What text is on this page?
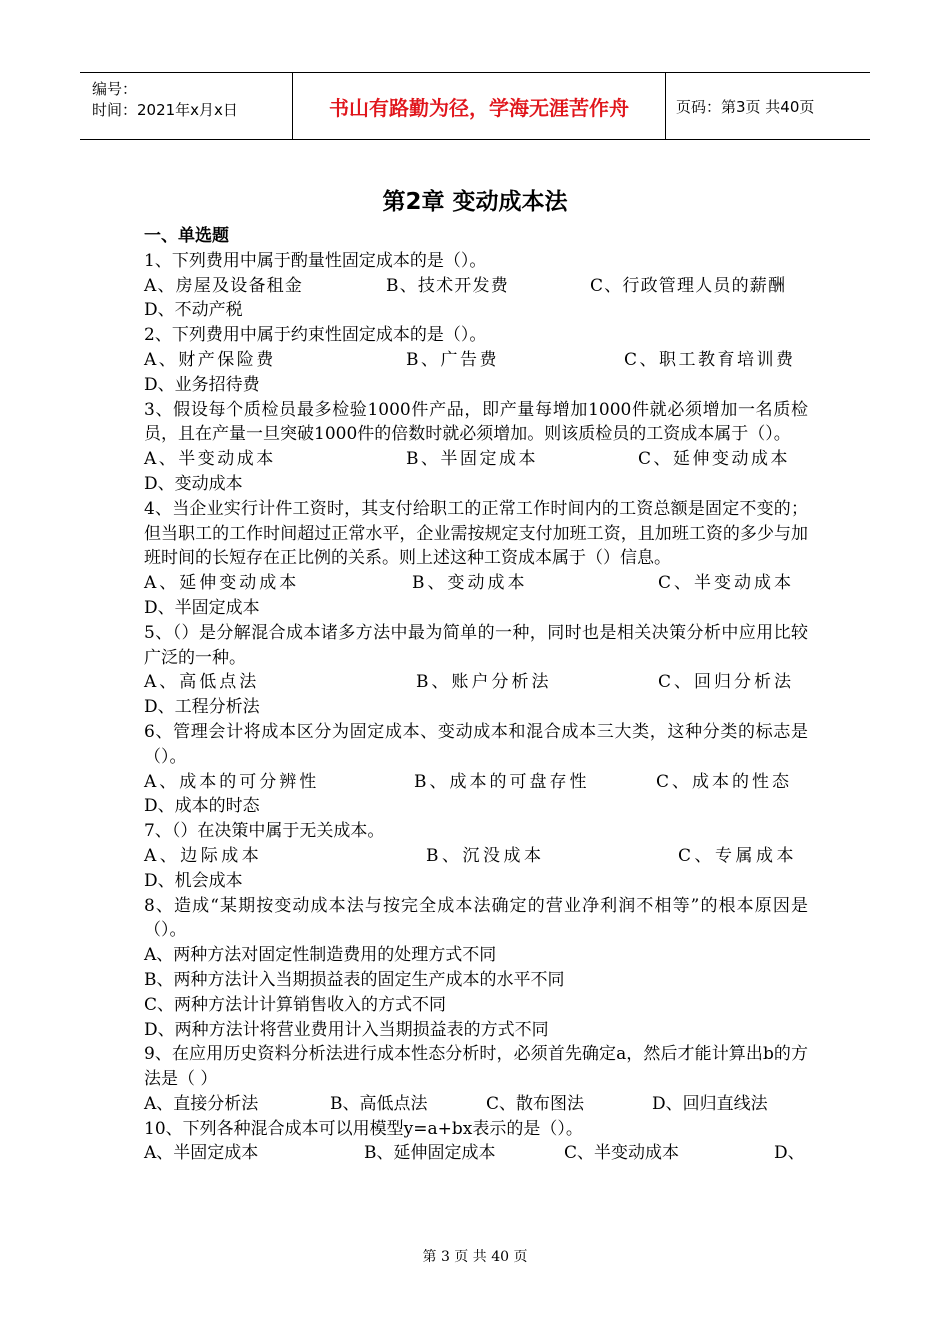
编号：
时间：2021年x月x日	书山有路勤为径，学海无涯苦作舟	页码：第3页 共40页
第2章 变动成本法

一、单选题

1、下列费用中属于酌量性固定成本的是（）。

A、房屋及设备租金	B、技术开发费	C、行政管理人员的薪酬

D、不动产税

2、下列费用中属于约束性固定成本的是（）。

A、财产保险费	B、广告费	C、职工教育培训费

D、业务招待费

3、假设每个质检员最多检验1000件产品，即产量每增加1000件就必须增加一名质检员，且在产量一旦突破1000件的倍数时就必须增加。则该质检员的工资成本属于（）。

A、半变动成本	B、半固定成本	C、延伸变动成本

D、变动成本

4、当企业实行计件工资时，其支付给职工的正常工作时间内的工资总额是固定不变的；但当职工的工作时间超过正常水平，企业需按规定支付加班工资，且加班工资的多少与加班时间的长短存在正比例的关系。则上述这种工资成本属于（）信息。

A、延伸变动成本	B、变动成本	C、半变动成本

D、半固定成本

5、（）是分解混合成本诸多方法中最为简单的一种，同时也是相关决策分析中应用比较广泛的一种。

A、高低点法	B、账户分析法	C、回归分析法

D、工程分析法

6、管理会计将成本区分为固定成本、变动成本和混合成本三大类，这种分类的标志是（）。

A、成本的可分辨性	B、成本的可盘存性	C、成本的性态

D、成本的时态

7、（）在决策中属于无关成本。

A、边际成本	B、沉没成本	C、专属成本

D、机会成本

8、造成“某期按变动成本法与按完全成本法确定的营业净利润不相等”的根本原因是（）。

A、两种方法对固定性制造费用的处理方式不同

B、两种方法计入当期损益表的固定生产成本的水平不同

C、两种方法计计算销售收入的方式不同

D、两种方法计将营业费用计入当期损益表的方式不同

9、在应用历史资料分析法进行成本性态分析时，必须首先确定a，然后才能计算出b的方法是（ ）

A、直接分析法	B、高低点法	C、散布图法	D、回归直线法

10、下列各种混合成本可以用模型y=a+bx表示的是（）。

A、半固定成本	B、延伸固定成本	C、半变动成本	D、
第 3 页 共 40 页
